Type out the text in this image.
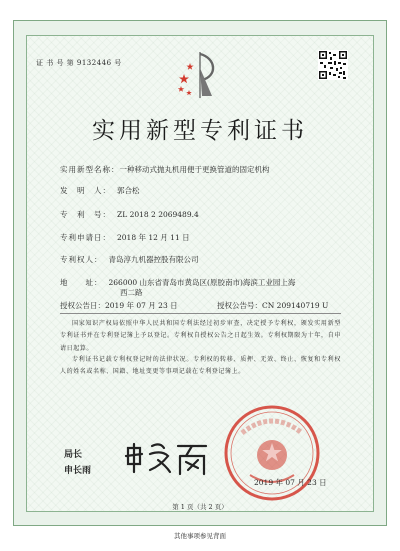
证 书 号 第 9132446 号
实用新型专利证书
实用新型名称：一种移动式抛丸机用便于更换管道的固定机构
发　明　人： 郭合松
专　利　号： ZL 2018 2 2069489.4
专利申请日： 2018 年 12 月 11 日
专利权人： 青岛淳九机器控股有限公司
地　　址： 266000 山东省青岛市黄岛区(原胶南市)海滨工业园上海
西二路
授权公告日：2019 年 07 月 23 日	授权公告号：CN 209140719 U
国家知识产权局依照中华人民共和国专利法经过初步审查，决定授予专利权，颁发实用新型专利证书并在专利登记簿上予以登记。专利权自授权公告之日起生效。专利权期限为十年，自申请日起算。
专利证书记载专利权登记时的法律状况。专利权的转移、质押、无效、终止、恢复和专利权人的姓名或名称、国籍、地址变更等事项记载在专利登记簿上。
局长
申长雨
2019 年 07 月 23 日
第 1 页（共 2 页）
其他事项参见背面
